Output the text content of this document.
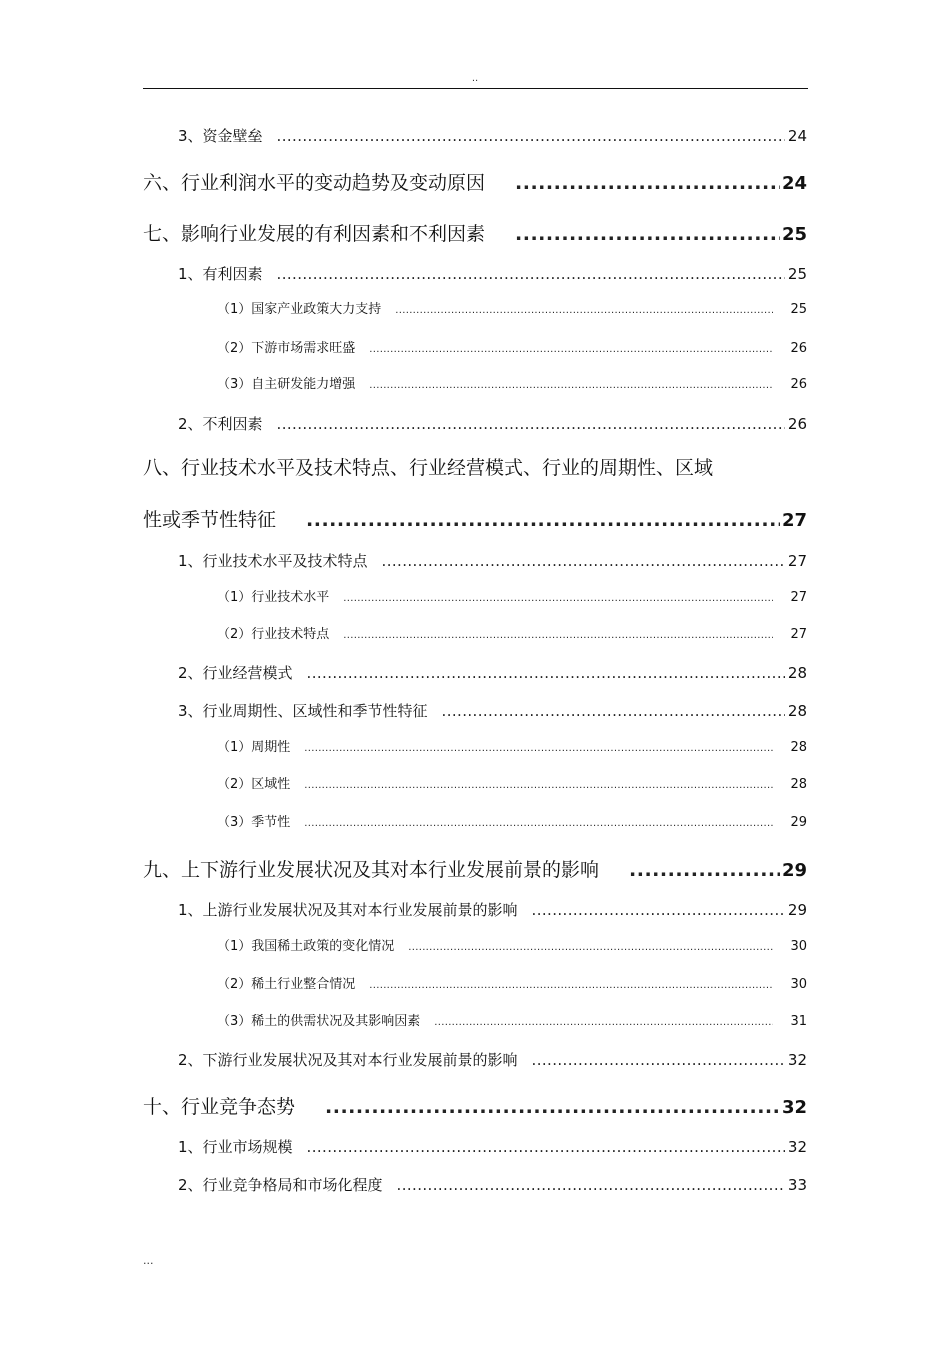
..
3、资金壁垒 .....	24
六、行业利润水平的变动趋势及变动原因 .....	24
七、影响行业发展的有利因素和不利因素 .....	25
1、有利因素 .....	25
（1）国家产业政策大力支持 .....	25
（2）下游市场需求旺盛 .....	26
（3）自主研发能力增强 .....	26
2、不利因素 .....	26
八、行业技术水平及技术特点、行业经营模式、行业的周期性、区域
性或季节性特征 .....	27
1、行业技术水平及技术特点 .....	27
（1）行业技术水平 .....	27
（2）行业技术特点 .....	27
2、行业经营模式 .....	28
3、行业周期性、区域性和季节性特征 .....	28
（1）周期性 .....	28
（2）区域性 .....	28
（3）季节性 .....	29
九、上下游行业发展状况及其对本行业发展前景的影响 .....	29
1、上游行业发展状况及其对本行业发展前景的影响 .....	29
（1）我国稀土政策的变化情况 .....	30
（2）稀土行业整合情况 .....	30
（3）稀土的供需状况及其影响因素 .....	31
2、下游行业发展状况及其对本行业发展前景的影响 .....	32
十、行业竞争态势 .....	32
1、行业市场规模 .....	32
2、行业竞争格局和市场化程度 .....	33
...
